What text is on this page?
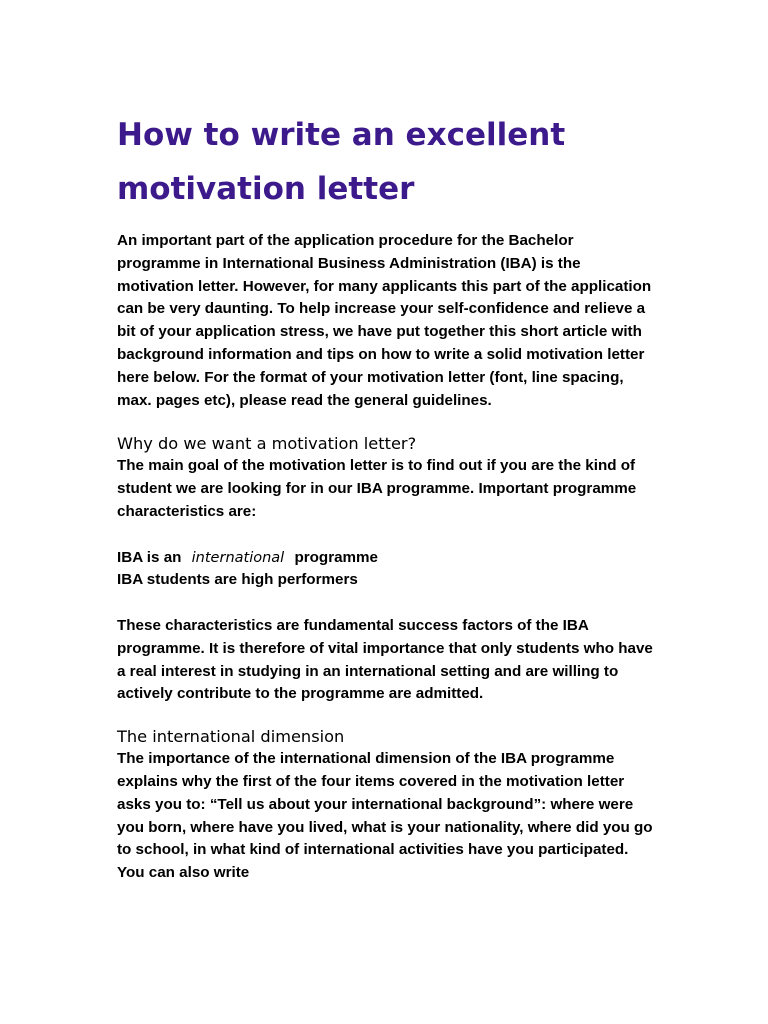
How to write an excellent motivation letter

An important part of the application procedure for the Bachelor programme in International Business Administration (IBA) is the motivation letter. However, for many applicants this part of the application can be very daunting. To help increase your self-confidence and relieve a bit of your application stress, we have put together this short article with background information and tips on how to write a solid motivation letter here below. For the format of your motivation letter (font, line spacing, max. pages etc), please read the general guidelines.

Why do we want a motivation letter?

The main goal of the motivation letter is to find out if you are the kind of student we are looking for in our IBA programme. Important programme characteristics are:

IBA is an international programme
IBA students are high performers

These characteristics are fundamental success factors of the IBA programme. It is therefore of vital importance that only students who have a real interest in studying in an international setting and are willing to actively contribute to the programme are admitted.

The international dimension

The importance of the international dimension of the IBA programme explains why the first of the four items covered in the motivation letter asks you to: “Tell us about your international background”: where were you born, where have you lived, what is your nationality, where did you go to school, in what kind of international activities have you participated. You can also write
